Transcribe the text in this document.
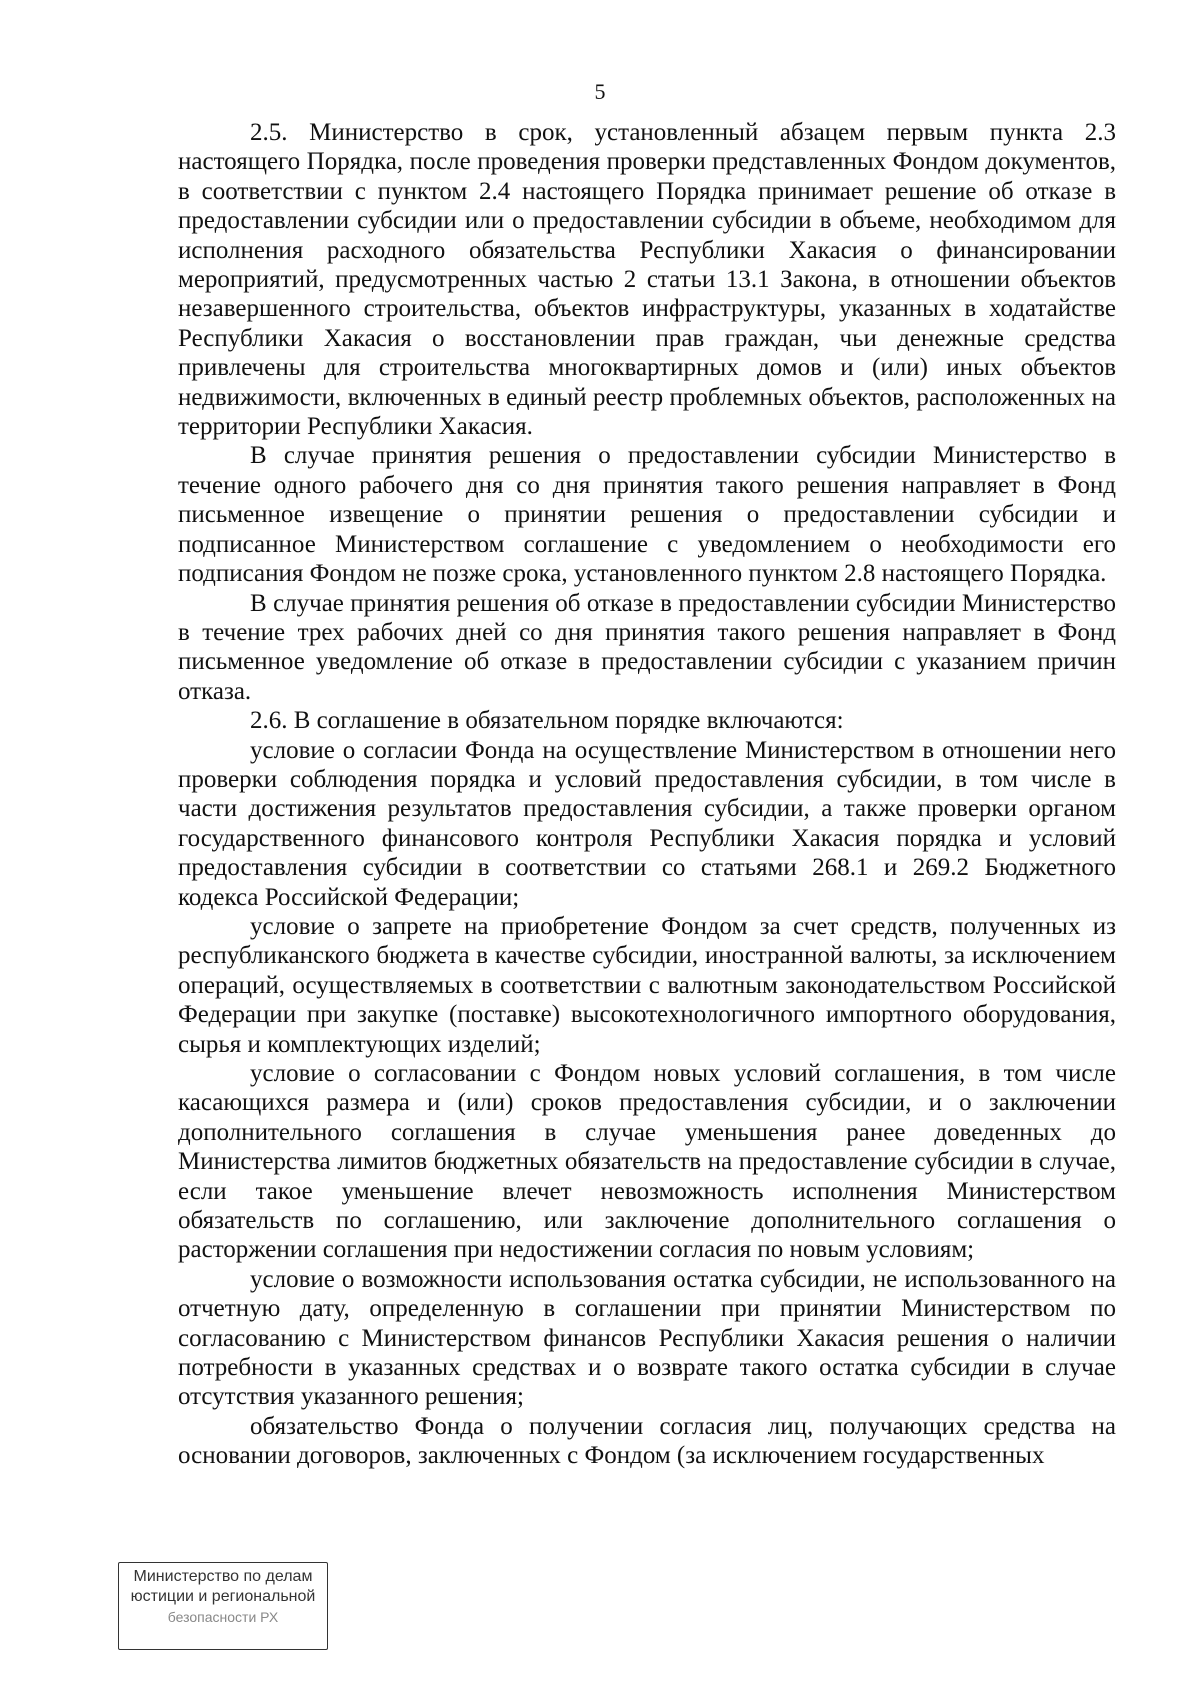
5

2.5. Министерство в срок, установленный абзацем первым пункта 2.3 настоящего Порядка, после проведения проверки представленных Фондом документов, в соответствии с пунктом 2.4 настоящего Порядка принимает решение об отказе в предоставлении субсидии или о предоставлении субсидии в объеме, необходимом для исполнения расходного обязательства Республики Хакасия о финансировании мероприятий, предусмотренных частью 2 статьи 13.1 Закона, в отношении объектов незавершенного строительства, объектов инфраструктуры, указанных в ходатайстве Республики Хакасия о восстановлении прав граждан, чьи денежные средства привлечены для строительства многоквартирных домов и (или) иных объектов недвижимости, включенных в единый реестр проблемных объектов, расположенных на территории Республики Хакасия.

В случае принятия решения о предоставлении субсидии Министерство в течение одного рабочего дня со дня принятия такого решения направляет в Фонд письменное извещение о принятии решения о предоставлении субсидии и подписанное Министерством соглашение с уведомлением о необходимости его подписания Фондом не позже срока, установленного пунктом 2.8 настоящего Порядка.

В случае принятия решения об отказе в предоставлении субсидии Министерство в течение трех рабочих дней со дня принятия такого решения направляет в Фонд письменное уведомление об отказе в предоставлении субсидии с указанием причин отказа.

2.6. В соглашение в обязательном порядке включаются:

условие о согласии Фонда на осуществление Министерством в отношении него проверки соблюдения порядка и условий предоставления субсидии, в том числе в части достижения результатов предоставления субсидии, а также проверки органом государственного финансового контроля Республики Хакасия порядка и условий предоставления субсидии в соответствии со статьями 268.1 и 269.2 Бюджетного кодекса Российской Федерации;

условие о запрете на приобретение Фондом за счет средств, полученных из республиканского бюджета в качестве субсидии, иностранной валюты, за исключением операций, осуществляемых в соответствии с валютным законодательством Российской Федерации при закупке (поставке) высокотехнологичного импортного оборудования, сырья и комплектующих изделий;

условие о согласовании с Фондом новых условий соглашения, в том числе касающихся размера и (или) сроков предоставления субсидии, и о заключении дополнительного соглашения в случае уменьшения ранее доведенных до Министерства лимитов бюджетных обязательств на предоставление субсидии в случае, если такое уменьшение влечет невозможность исполнения Министерством обязательств по соглашению, или заключение дополнительного соглашения о расторжении соглашения при недостижении согласия по новым условиям;

условие о возможности использования остатка субсидии, не использованного на отчетную дату, определенную в соглашении при принятии Министерством по согласованию с Министерством финансов Республики Хакасия решения о наличии потребности в указанных средствах и о возврате такого остатка субсидии в случае отсутствия указанного решения;

обязательство Фонда о получении согласия лиц, получающих средства на основании договоров, заключенных с Фондом (за исключением государственных

Министерство по делам
юстиции и региональной
безопасности РХ
